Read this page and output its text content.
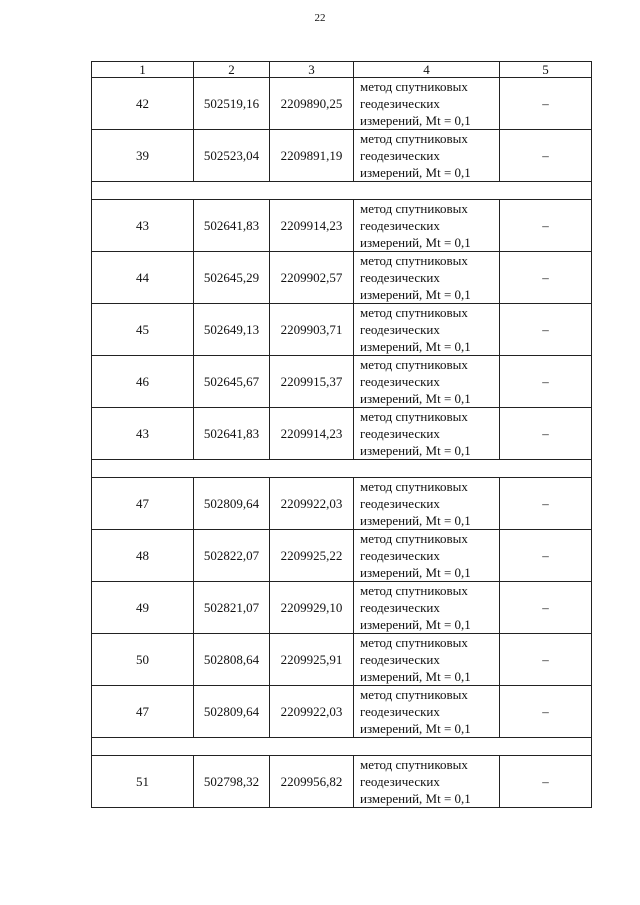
22
1	2	3	4	5
42	502519,16	2209890,25	метод спутниковых
геодезических
измерений, Mt = 0,1	–
39	502523,04	2209891,19	метод спутниковых
геодезических
измерений, Mt = 0,1	–

43	502641,83	2209914,23	метод спутниковых
геодезических
измерений, Mt = 0,1	–
44	502645,29	2209902,57	метод спутниковых
геодезических
измерений, Mt = 0,1	–
45	502649,13	2209903,71	метод спутниковых
геодезических
измерений, Mt = 0,1	–
46	502645,67	2209915,37	метод спутниковых
геодезических
измерений, Mt = 0,1	–
43	502641,83	2209914,23	метод спутниковых
геодезических
измерений, Mt = 0,1	–

47	502809,64	2209922,03	метод спутниковых
геодезических
измерений, Mt = 0,1	–
48	502822,07	2209925,22	метод спутниковых
геодезических
измерений, Mt = 0,1	–
49	502821,07	2209929,10	метод спутниковых
геодезических
измерений, Mt = 0,1	–
50	502808,64	2209925,91	метод спутниковых
геодезических
измерений, Mt = 0,1	–
47	502809,64	2209922,03	метод спутниковых
геодезических
измерений, Mt = 0,1	–

51	502798,32	2209956,82	метод спутниковых
геодезических
измерений, Mt = 0,1	–
